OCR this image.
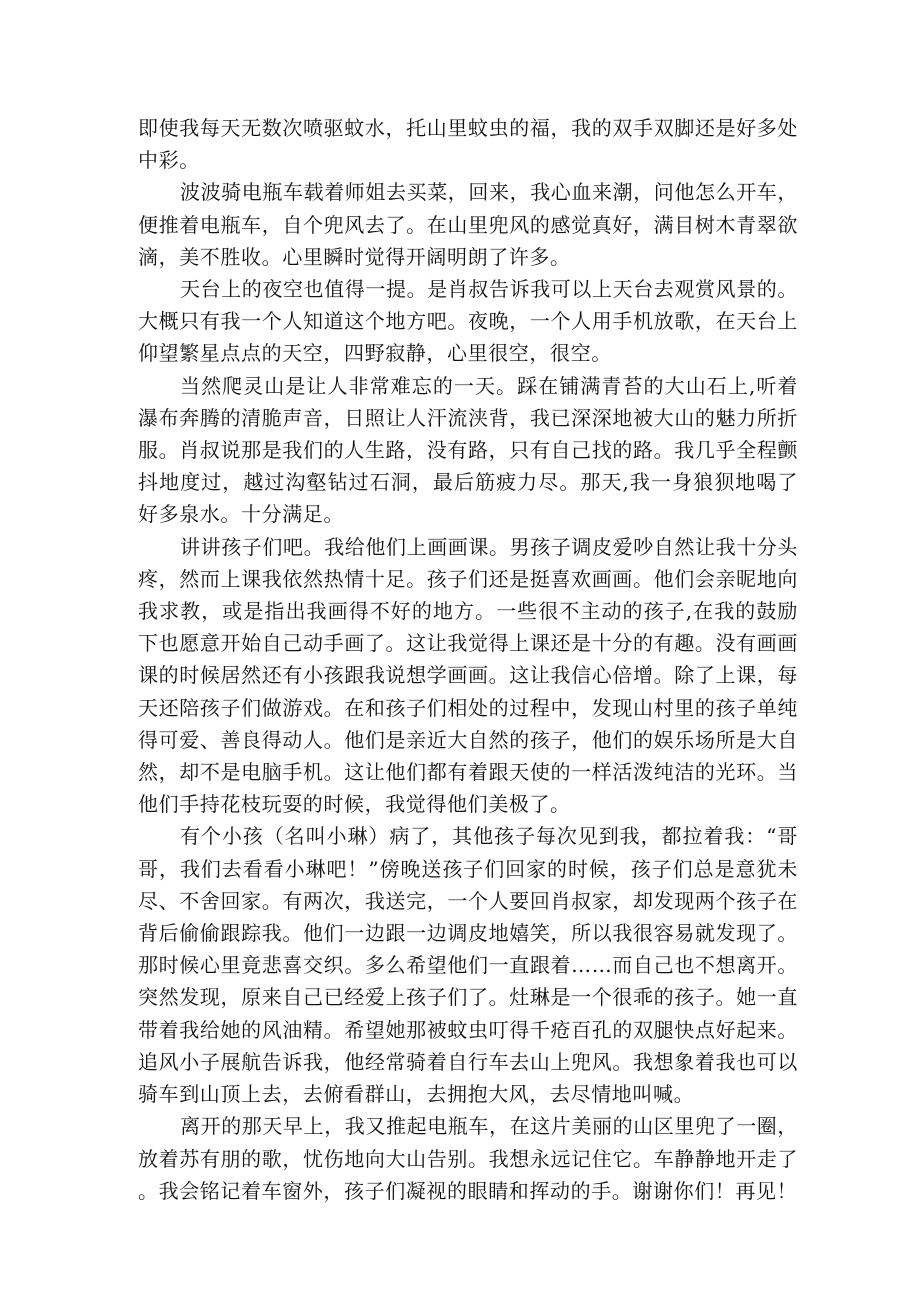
即使我每天无数次喷驱蚊水，托山里蚊虫的福，我的双手双脚还是好多处中彩。

波波骑电瓶车载着师姐去买菜，回来，我心血来潮，问他怎么开车，便推着电瓶车，自个兜风去了。在山里兜风的感觉真好，满目树木青翠欲滴，美不胜收。心里瞬时觉得开阔明朗了许多。

天台上的夜空也值得一提。是肖叔告诉我可以上天台去观赏风景的。大概只有我一个人知道这个地方吧。夜晚，一个人用手机放歌，在天台上仰望繁星点点的天空，四野寂静，心里很空，很空。

当然爬灵山是让人非常难忘的一天。踩在铺满青苔的大山石上,听着瀑布奔腾的清脆声音，日照让人汗流浃背，我已深深地被大山的魅力所折服。肖叔说那是我们的人生路，没有路，只有自己找的路。我几乎全程颤抖地度过，越过沟壑钻过石洞，最后筋疲力尽。那天,我一身狼狈地喝了好多泉水。十分满足。

讲讲孩子们吧。我给他们上画画课。男孩子调皮爱吵自然让我十分头疼，然而上课我依然热情十足。孩子们还是挺喜欢画画。他们会亲昵地向我求教，或是指出我画得不好的地方。一些很不主动的孩子,在我的鼓励下也愿意开始自己动手画了。这让我觉得上课还是十分的有趣。没有画画课的时候居然还有小孩跟我说想学画画。这让我信心倍增。除了上课，每天还陪孩子们做游戏。在和孩子们相处的过程中，发现山村里的孩子单纯得可爱、善良得动人。他们是亲近大自然的孩子，他们的娱乐场所是大自然，却不是电脑手机。这让他们都有着跟天使的一样活泼纯洁的光环。当他们手持花枝玩耍的时候，我觉得他们美极了。

有个小孩（名叫小琳）病了，其他孩子每次见到我，都拉着我：“哥哥，我们去看看小琳吧！”傍晚送孩子们回家的时候，孩子们总是意犹未尽、不舍回家。有两次，我送完，一个人要回肖叔家，却发现两个孩子在背后偷偷跟踪我。他们一边跟一边调皮地嬉笑，所以我很容易就发现了。那时候心里竟悲喜交织。多么希望他们一直跟着……而自己也不想离开。突然发现，原来自己已经爱上孩子们了。灶琳是一个很乖的孩子。她一直带着我给她的风油精。希望她那被蚊虫叮得千疮百孔的双腿快点好起来。追风小子展航告诉我，他经常骑着自行车去山上兜风。我想象着我也可以骑车到山顶上去，去俯看群山，去拥抱大风，去尽情地叫喊。

离开的那天早上，我又推起电瓶车，在这片美丽的山区里兜了一圈，放着苏有朋的歌，忧伤地向大山告别。我想永远记住它。车静静地开走了。我会铭记着车窗外，孩子们凝视的眼睛和挥动的手。谢谢你们！再见！
